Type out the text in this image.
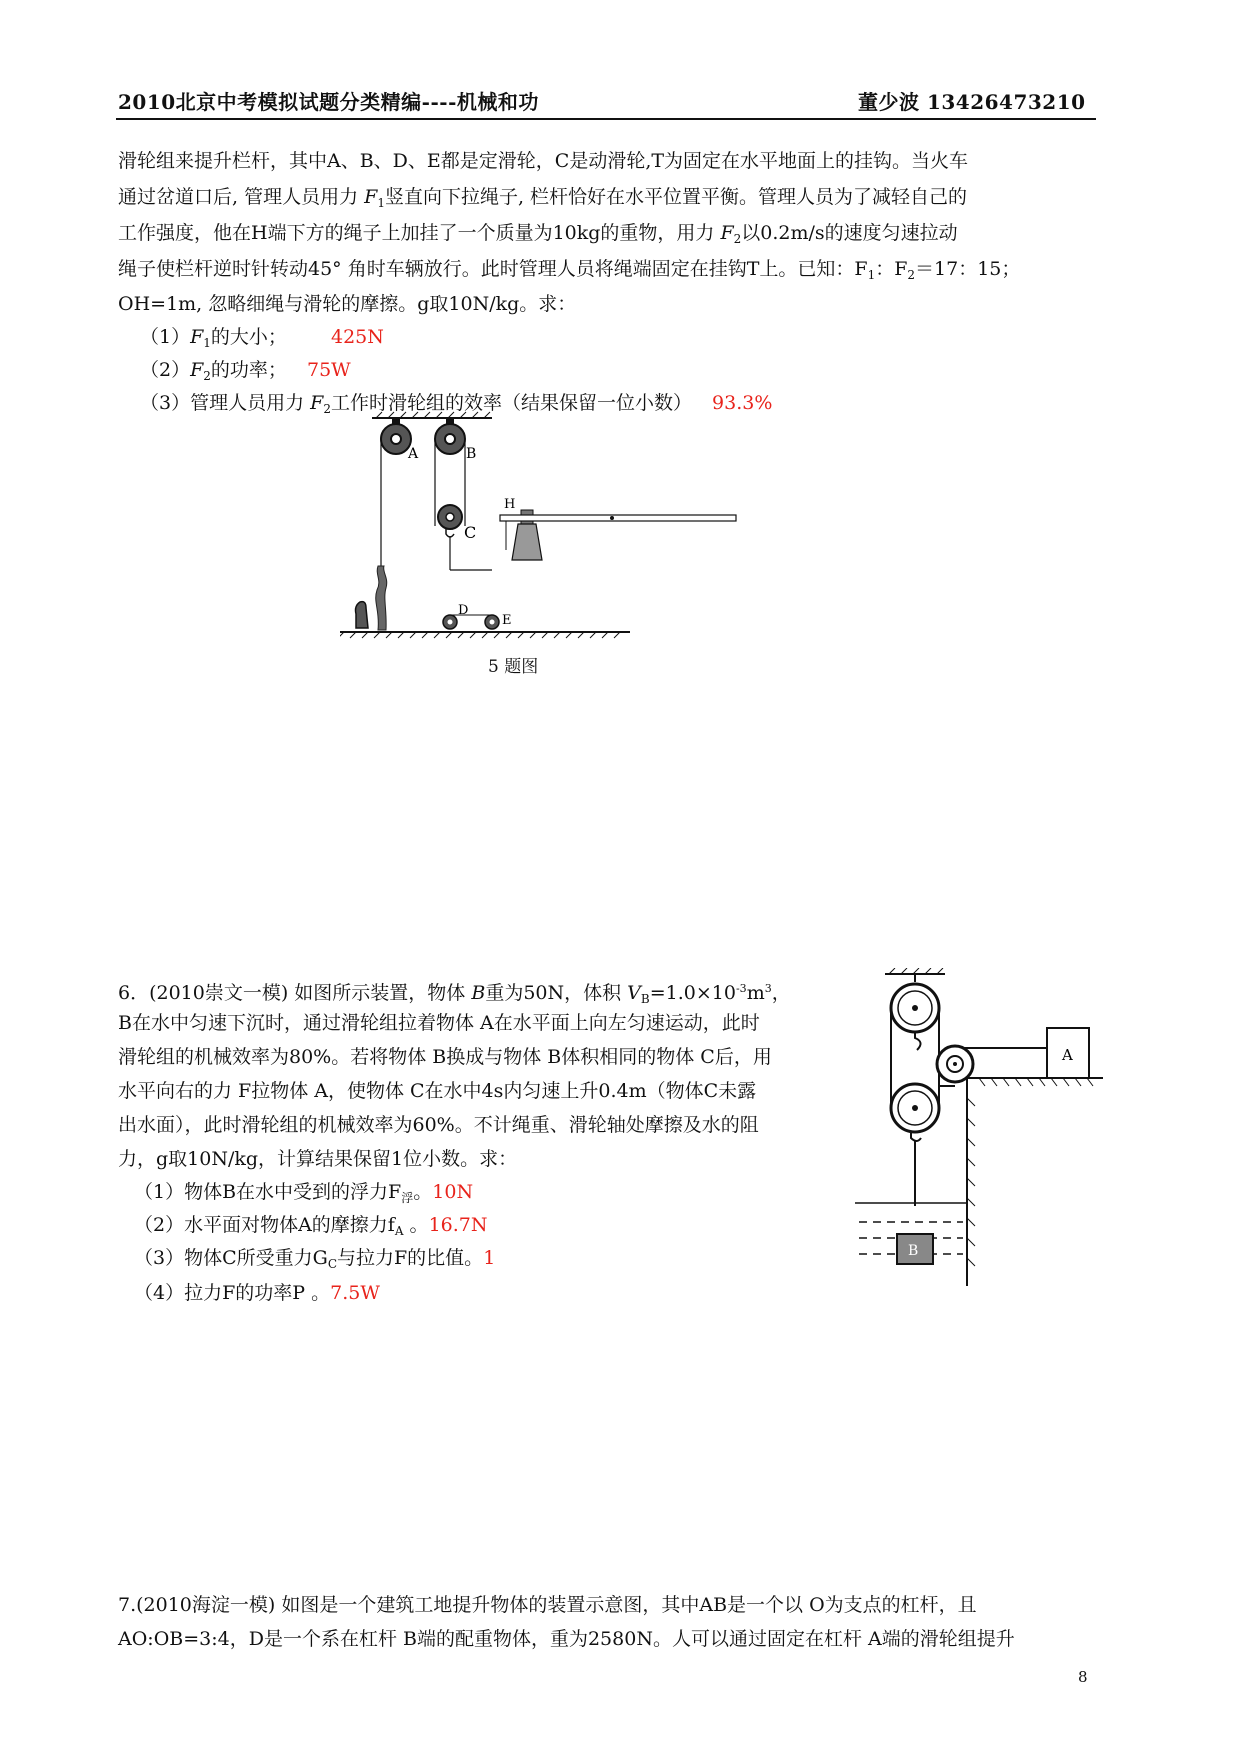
2010北京中考模拟试题分类精编----机械和功	董少波 13426473210
滑轮组来提升栏杆，其中A、B、D、E都是定滑轮，C是动滑轮,T为固定在水平地面上的挂钩。当火车
通过岔道口后, 管理人员用力 $F_1$竖直向下拉绳子, 栏杆恰好在水平位置平衡。管理人员为了减轻自己的
工作强度，他在H端下方的绳子上加挂了一个质量为10kg的重物，用力 $F_2$以0.2m/s的速度匀速拉动
绳子使栏杆逆时针转动45° 角时车辆放行。此时管理人员将绳端固定在挂钩T上。已知：$F_1$：$F_2=17$：15；
OH=1m, 忽略细绳与滑轮的摩擦。g取10N/kg。求：
$(1)F_1$的大小； 425N
$(2)F_2$的功率； 75W
（3）管理人员用力 $F_2$工作时滑轮组的效率（结果保留一位小数） 93.3%
A	B
C
D
E
H
5 题图
6．(2010崇文一模) 如图所示装置，物体 B重为50N，体积 $V_B=1.0\times 10^{-3}m^3$，
B在水中匀速下沉时，通过滑轮组拉着物体 A在水平面上向左匀速运动，此时
滑轮组的机械效率为80%。若将物体 B换成与物体 B体积相同的物体 C后，用
水平向右的力 F拉物体 A，使物体 C在水中4s内匀速上升0.4m（物体C未露
出水面），此时滑轮组的机械效率为60%。不计绳重、滑轮轴处摩擦及水的阻
力，g取10N/kg，计算结果保留1位小数。求：
（1）物体B在水中受到的浮力$F_浮$。10N
（2）水平面对物体A的摩擦力$f_A$ 。16.7N
（3）物体C所受重力$G_C$与拉力F的比值。1
（4）拉力F的功率P 。7.5W
A
B
7.(2010海淀一模) 如图是一个建筑工地提升物体的装置示意图，其中AB是一个以 O为支点的杠杆，且
AO:OB=3:4，D是一个系在杠杆 B端的配重物体，重为2580N。人可以通过固定在杠杆 A端的滑轮组提升
8
